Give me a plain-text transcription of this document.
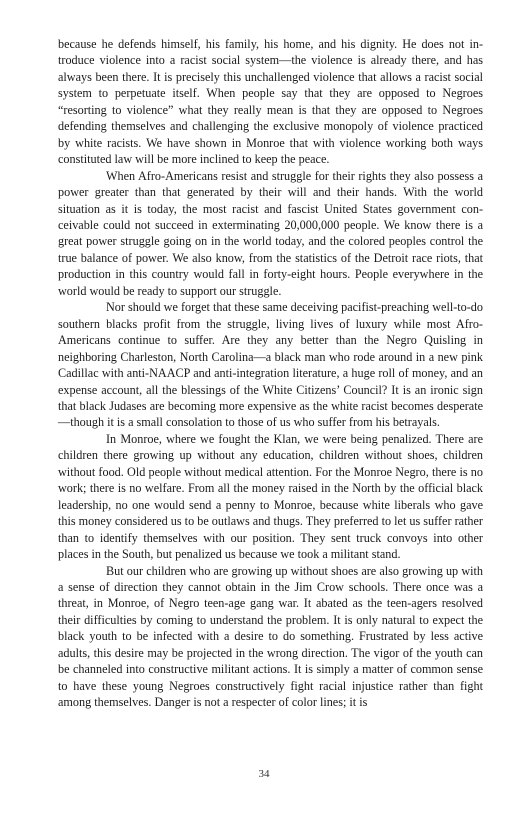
because he defends himself, his family, his home, and his dignity. He does not introduce violence into a racist social system—the violence is already there, and has always been there. It is precisely this unchallenged violence that allows a racist social system to perpetuate itself. When people say that they are opposed to Negroes “resorting to violence” what they really mean is that they are opposed to Negroes defending themselves and challenging the exclusive monopoly of violence practiced by white racists. We have shown in Monroe that with violence working both ways constituted law will be more inclined to keep the peace.

When Afro-Americans resist and struggle for their rights they also possess a power greater than that generated by their will and their hands. With the world situation as it is today, the most racist and fascist United States government conceivable could not succeed in exterminating 20,000,000 people. We know there is a great power struggle going on in the world today, and the colored peoples control the true balance of power. We also know, from the statistics of the Detroit race riots, that production in this country would fall in forty-eight hours. People everywhere in the world would be ready to support our struggle.

Nor should we forget that these same deceiving pacifist-preaching well-to-do southern blacks profit from the struggle, living lives of luxury while most Afro-Americans continue to suffer. Are they any better than the Negro Quisling in neighboring Charleston, North Carolina—a black man who rode around in a new pink Cadillac with anti-NAACP and anti-integration literature, a huge roll of money, and an expense account, all the blessings of the White Citizens’ Council? It is an ironic sign that black Judases are becoming more expensive as the white racist becomes desperate—though it is a small consolation to those of us who suffer from his betrayals.

In Monroe, where we fought the Klan, we were being penalized. There are children there growing up without any education, children without shoes, children without food. Old people without medical attention. For the Monroe Negro, there is no work; there is no welfare. From all the money raised in the North by the official black leadership, no one would send a penny to Monroe, because white liberals who gave this money considered us to be outlaws and thugs. They preferred to let us suffer rather than to identify themselves with our position. They sent truck convoys into other places in the South, but penalized us because we took a militant stand.

But our children who are growing up without shoes are also growing up with a sense of direction they cannot obtain in the Jim Crow schools. There once was a threat, in Monroe, of Negro teen-age gang war. It abated as the teen-agers resolved their difficulties by coming to understand the problem. It is only natural to expect the black youth to be infected with a desire to do something. Frustrated by less active adults, this desire may be projected in the wrong direction. The vigor of the youth can be channeled into constructive militant actions. It is simply a matter of common sense to have these young Negroes constructively fight racial injustice rather than fight among themselves. Danger is not a respecter of color lines; it is

34
